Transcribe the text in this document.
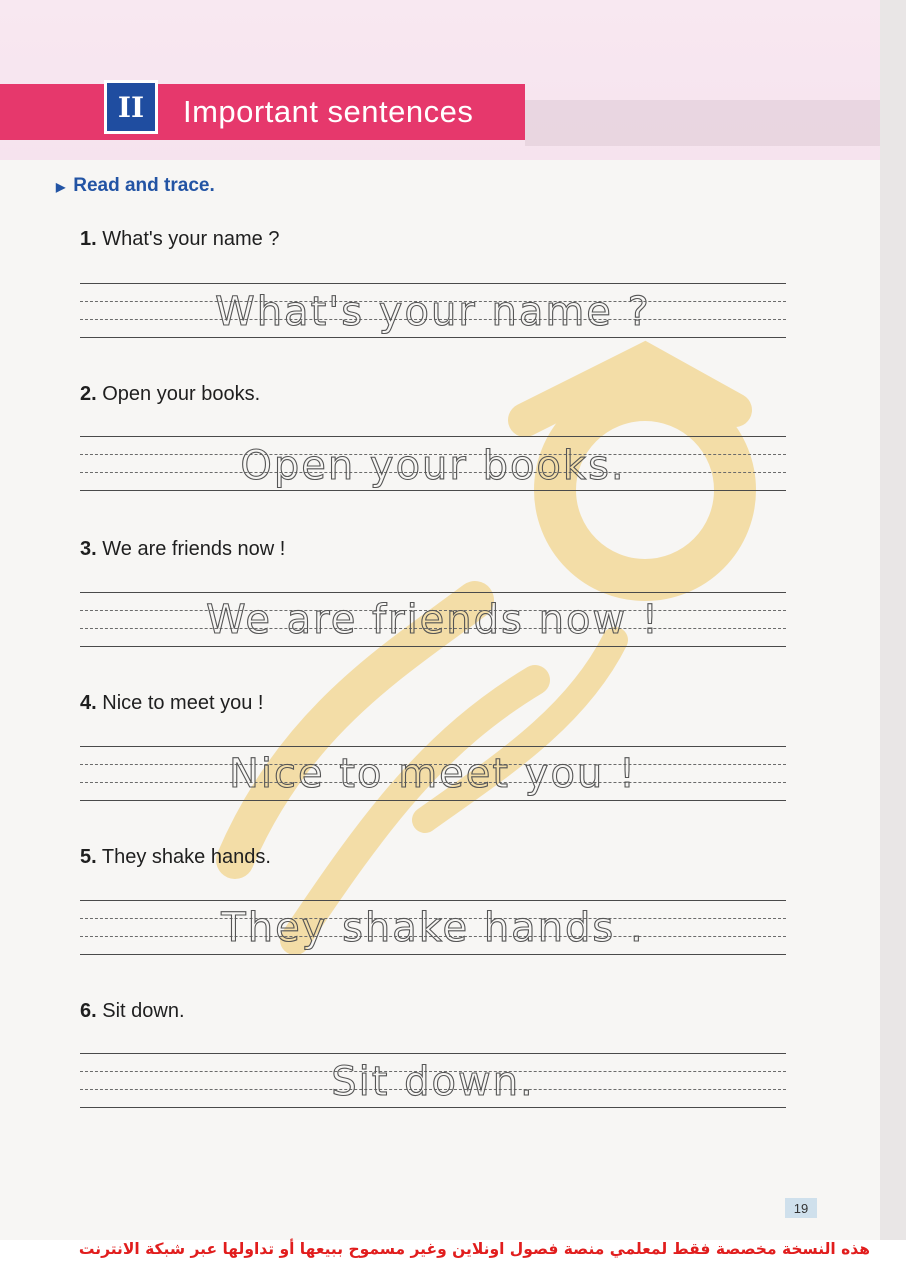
II	Important sentences
▶ Read and trace.
1. What's your name ?
What's your name ?
2. Open your books.
Open your books.
3. We are friends now !
We are friends now !
4. Nice to meet you !
Nice to meet you !
5. They shake hands.
They shake hands .
6. Sit down.
Sit down.
19
هذه النسخة مخصصة فقط لمعلمي منصة فصول اونلاين وغير مسموح ببيعها أو تداولها عبر شبكة الانترنت
